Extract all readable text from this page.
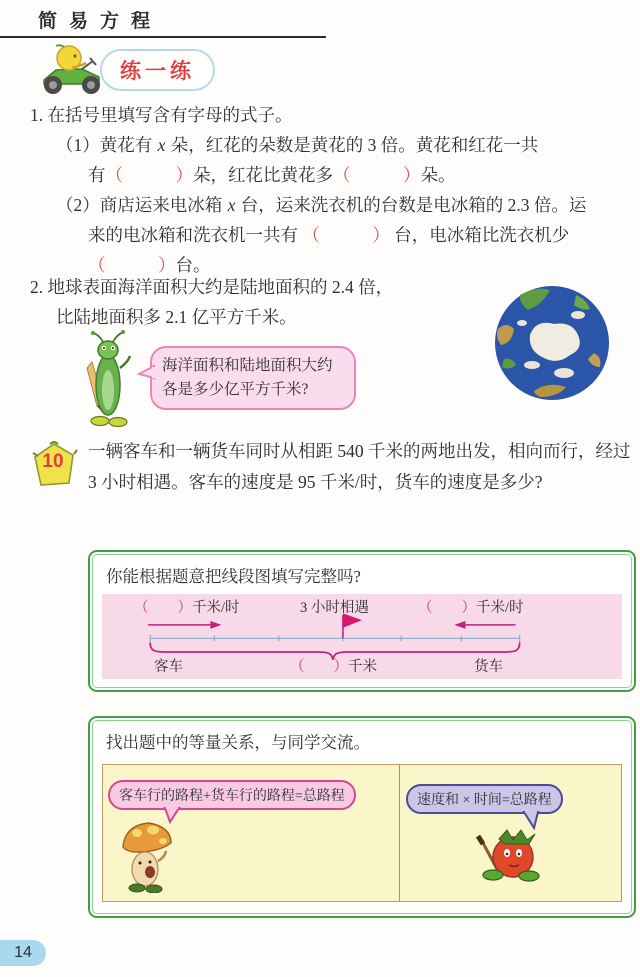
简易方程
练一练
1. 在括号里填写含有字母的式子。
（1）黄花有 x 朵，红花的朵数是黄花的 3 倍。黄花和红花一共
有（　　　）朵，红花比黄花多（　　　）朵。
（2）商店运来电冰箱 x 台，运来洗衣机的台数是电冰箱的 2.3 倍。运
来的电冰箱和洗衣机一共有 （　　　） 台，电冰箱比洗衣机少
（　　　）台。
2. 地球表面海洋面积大约是陆地面积的 2.4 倍，
比陆地面积多 2.1 亿平方千米。
海洋面积和陆地面积大约各是多少亿平方千米?
10 一辆客车和一辆货车同时从相距 540 千米的两地出发，相向而行，经过 3 小时相遇。客车的速度是 95 千米/时，货车的速度是多少?
你能根据题意把线段图填写完整吗?
（　　）千米/时	3 小时相遇	（　　）千米/时
客车	（　　）千米	货车
找出题中的等量关系，与同学交流。
客车行的路程+货车行的路程=总路程	速度和 × 时间=总路程
14
